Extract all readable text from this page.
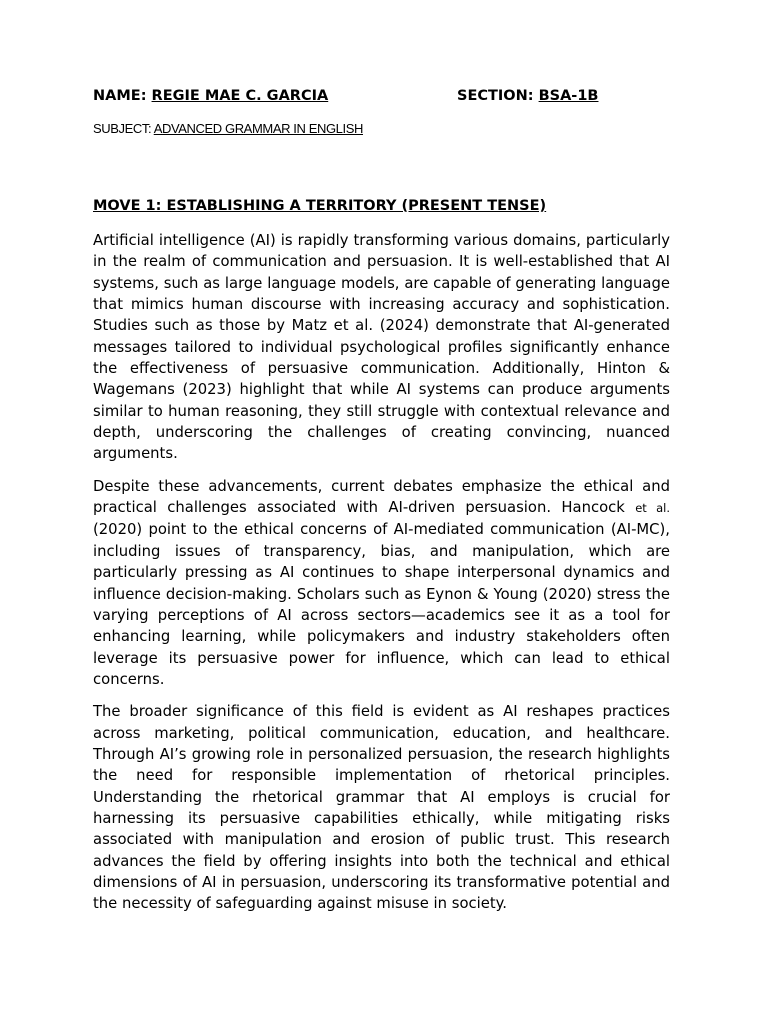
NAME: REGIE MAE C. GARCIA	SECTION: BSA-1B
SUBJECT: ADVANCED GRAMMAR IN ENGLISH
MOVE 1: ESTABLISHING A TERRITORY (PRESENT TENSE)

Artificial intelligence (AI) is rapidly transforming various domains, particularly in the realm of communication and persuasion. It is well-established that AI systems, such as large language models, are capable of generating language that mimics human discourse with increasing accuracy and sophistication. Studies such as those by Matz et al. (2024) demonstrate that AI-generated messages tailored to individual psychological profiles significantly enhance the effectiveness of persuasive communication. Additionally, Hinton & Wagemans (2023) highlight that while AI systems can produce arguments similar to human reasoning, they still struggle with contextual relevance and depth, underscoring the challenges of creating convincing, nuanced arguments.

Despite these advancements, current debates emphasize the ethical and practical challenges associated with AI-driven persuasion. Hancock et al. (2020) point to the ethical concerns of AI-mediated communication (AI-MC), including issues of transparency, bias, and manipulation, which are particularly pressing as AI continues to shape interpersonal dynamics and influence decision-making. Scholars such as Eynon & Young (2020) stress the varying perceptions of AI across sectors—academics see it as a tool for enhancing learning, while policymakers and industry stakeholders often leverage its persuasive power for influence, which can lead to ethical concerns.

The broader significance of this field is evident as AI reshapes practices across marketing, political communication, education, and healthcare. Through AI’s growing role in personalized persuasion, the research highlights the need for responsible implementation of rhetorical principles. Understanding the rhetorical grammar that AI employs is crucial for harnessing its persuasive capabilities ethically, while mitigating risks associated with manipulation and erosion of public trust. This research advances the field by offering insights into both the technical and ethical dimensions of AI in persuasion, underscoring its transformative potential and the necessity of safeguarding against misuse in society.
